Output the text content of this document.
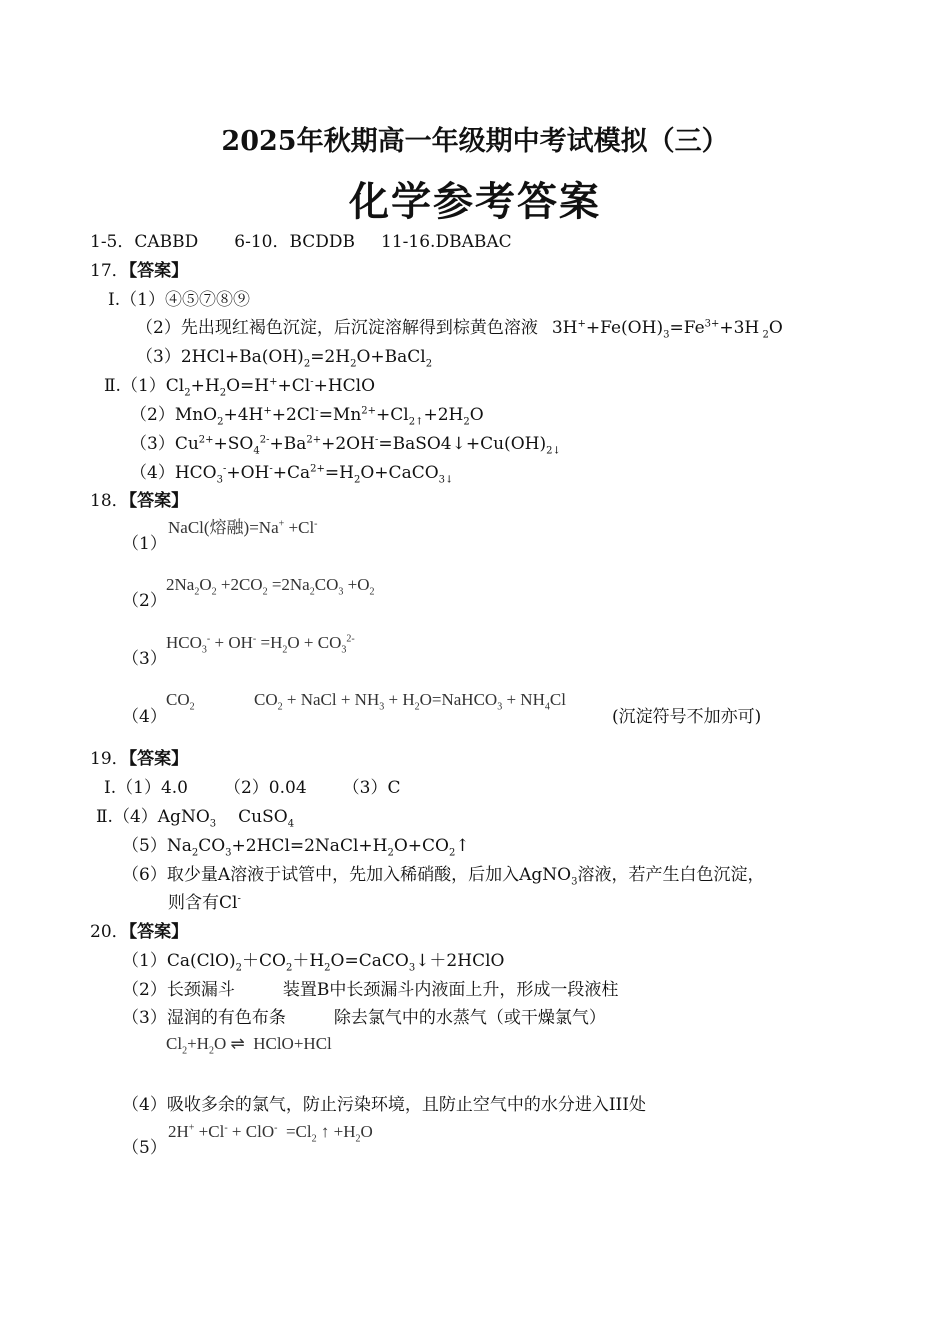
2025年秋期高一年级期中考试模拟（三）
化学参考答案
1-5．CABBD 6-10．BCDDB 11-16.DBABAC
17．【答案】
Ⅰ.（1）④⑤⑦⑧⑨
（2）先出现红褐色沉淀，后沉淀溶解得到棕黄色溶液 $3H^++Fe(OH)_3=Fe^{3+}+3H$ $_2$O
$(3)2HCl+Ba(OH)_2=2H_2O+BaCl_2$
$Ⅱ.(1)Cl_2+H_2O=H^++Cl^-+HClO$
$(2)MnO_2+4H^++2Cl^-=Mn^{2+}+Cl_{2↑}+2H_2O$
$(3)Cu^{2+}+SO_4^{2-}+Ba^{2+}+2OH^-=BaSO4↓+Cu(OH)_{2↓}$
$(4)HCO_3^-+OH^-+Ca^{2+}=H_2O+CaCO_{3↓}$
18．【答案】
（1）
NaCl(熔融)=Na+ +Cl-
（2）
$2Na_2O_2 +2CO_2 =2Na_2CO_3 +O_2$
（3）
$HCO_3^- + OH^- =H_2O + CO_3^{2-}$
（4）
$CO_2$	$CO_2$ + NaCl + $NH_3$ + $H_2O=NaHCO_3 + NH_4Cl$
(沉淀符号不加亦可)
19．【答案】
Ⅰ.（1）4.0 （2）0.04 （3）C
Ⅱ.（4）AgNO$_3$ CuSO$_4$
$(5)Na_2CO_3+2HCl=2NaCl+H_2O+CO_2↑$
（6）取少量A溶液于试管中，先加入稀硝酸，后加入AgNO$_3$溶液，若产生白色沉淀，
则含有Cl-
20．【答案】
$(1)Ca(ClO)_2+CO_2+H_2O=CaCO_3↓+2HClO$
（2）长颈漏斗	装置B中长颈漏斗内液面上升，形成一段液柱
（3）湿润的有色布条	除去氯气中的水蒸气（或干燥氯气）
$Cl_2+H_2O$ ⇌  HClO+HCl
（4）吸收多余的氯气，防止污染环境，且防止空气中的水分进入III处
（5）
$2H^+ +Cl^- + ClO^- =Cl_2$ ↑ $+H_2O$
